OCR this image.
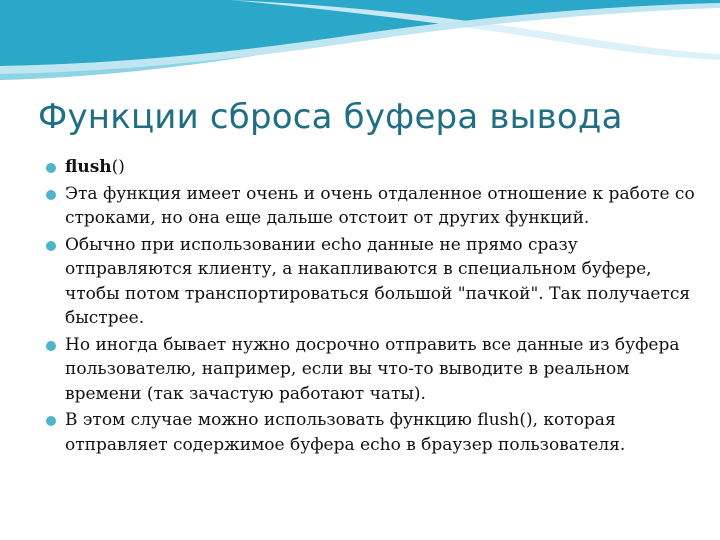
Функции сброса буфера вывода
flush()
Эта функция имеет очень и очень отдаленное отношение к работе со строками, но она еще дальше отстоит от других функций.
Обычно при использовании echo данные не прямо сразу отправляются клиенту, а накапливаются в специальном буфере, чтобы потом транспортироваться большой "пачкой". Так получается быстрее.
Но иногда бывает нужно досрочно отправить все данные из буфера пользователю, например, если вы что-то выводите в реальном времени (так зачастую работают чаты).
В этом случае можно использовать функцию flush(), которая отправляет содержимое буфера echo в браузер пользователя.
